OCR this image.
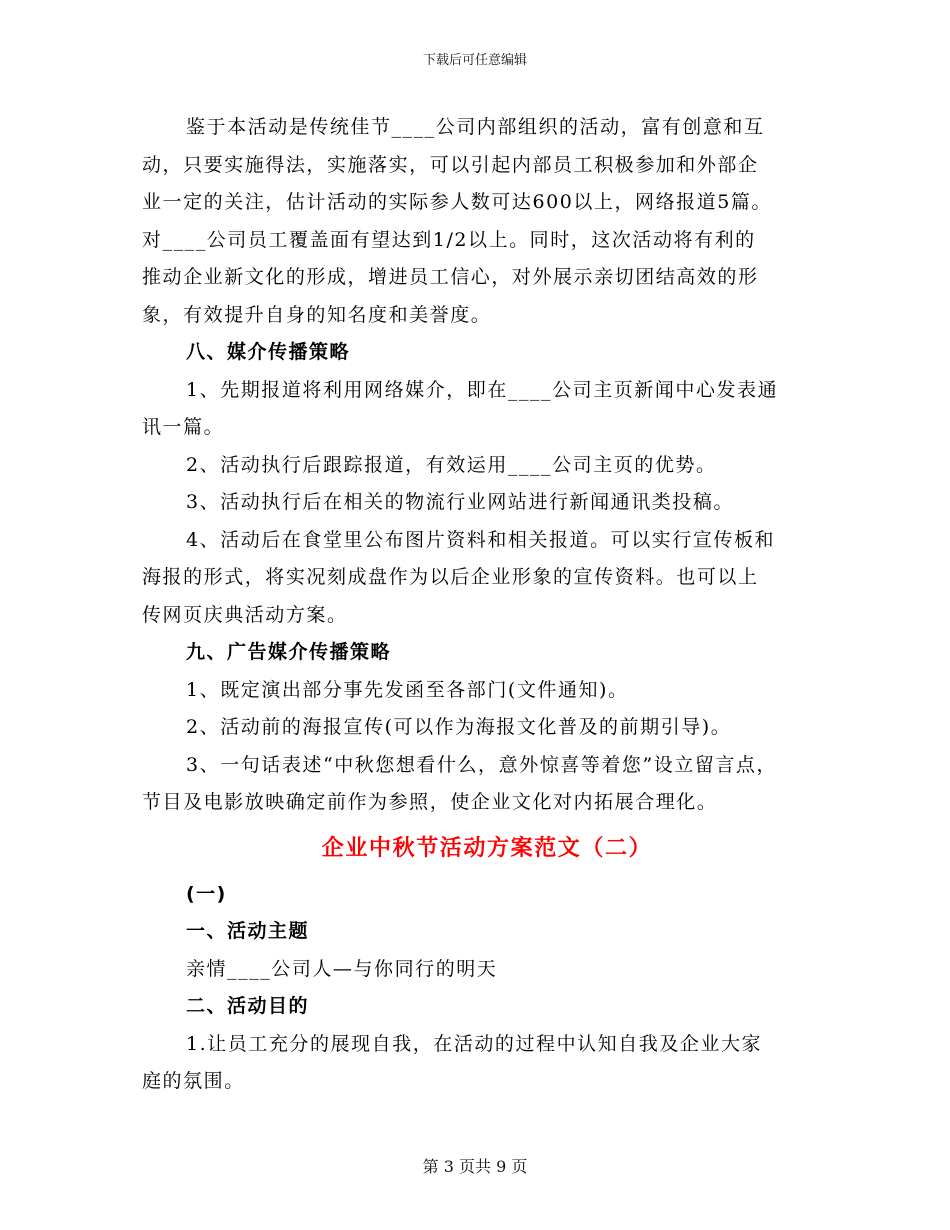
下载后可任意编辑
鉴于本活动是传统佳节____公司内部组织的活动，富有创意和互
动，只要实施得法，实施落实，可以引起内部员工积极参加和外部企
业一定的关注，估计活动的实际参人数可达600以上，网络报道5篇。
对____公司员工覆盖面有望达到1/2以上。同时，这次活动将有利的
推动企业新文化的形成，增进员工信心，对外展示亲切团结高效的形
象，有效提升自身的知名度和美誉度。
八、媒介传播策略
1、先期报道将利用网络媒介，即在____公司主页新闻中心发表通
讯一篇。
2、活动执行后跟踪报道，有效运用____公司主页的优势。
3、活动执行后在相关的物流行业网站进行新闻通讯类投稿。
4、活动后在食堂里公布图片资料和相关报道。可以实行宣传板和
海报的形式，将实况刻成盘作为以后企业形象的宣传资料。也可以上
传网页庆典活动方案。
九、广告媒介传播策略
1、既定演出部分事先发函至各部门(文件通知)。
2、活动前的海报宣传(可以作为海报文化普及的前期引导)。
3、一句话表述“中秋您想看什么，意外惊喜等着您”设立留言点，
节目及电影放映确定前作为参照，使企业文化对内拓展合理化。
企业中秋节活动方案范文（二）
(一)
一、活动主题
亲情____公司人—与你同行的明天
二、活动目的
1.让员工充分的展现自我，在活动的过程中认知自我及企业大家
庭的氛围。
第 3 页共 9 页
